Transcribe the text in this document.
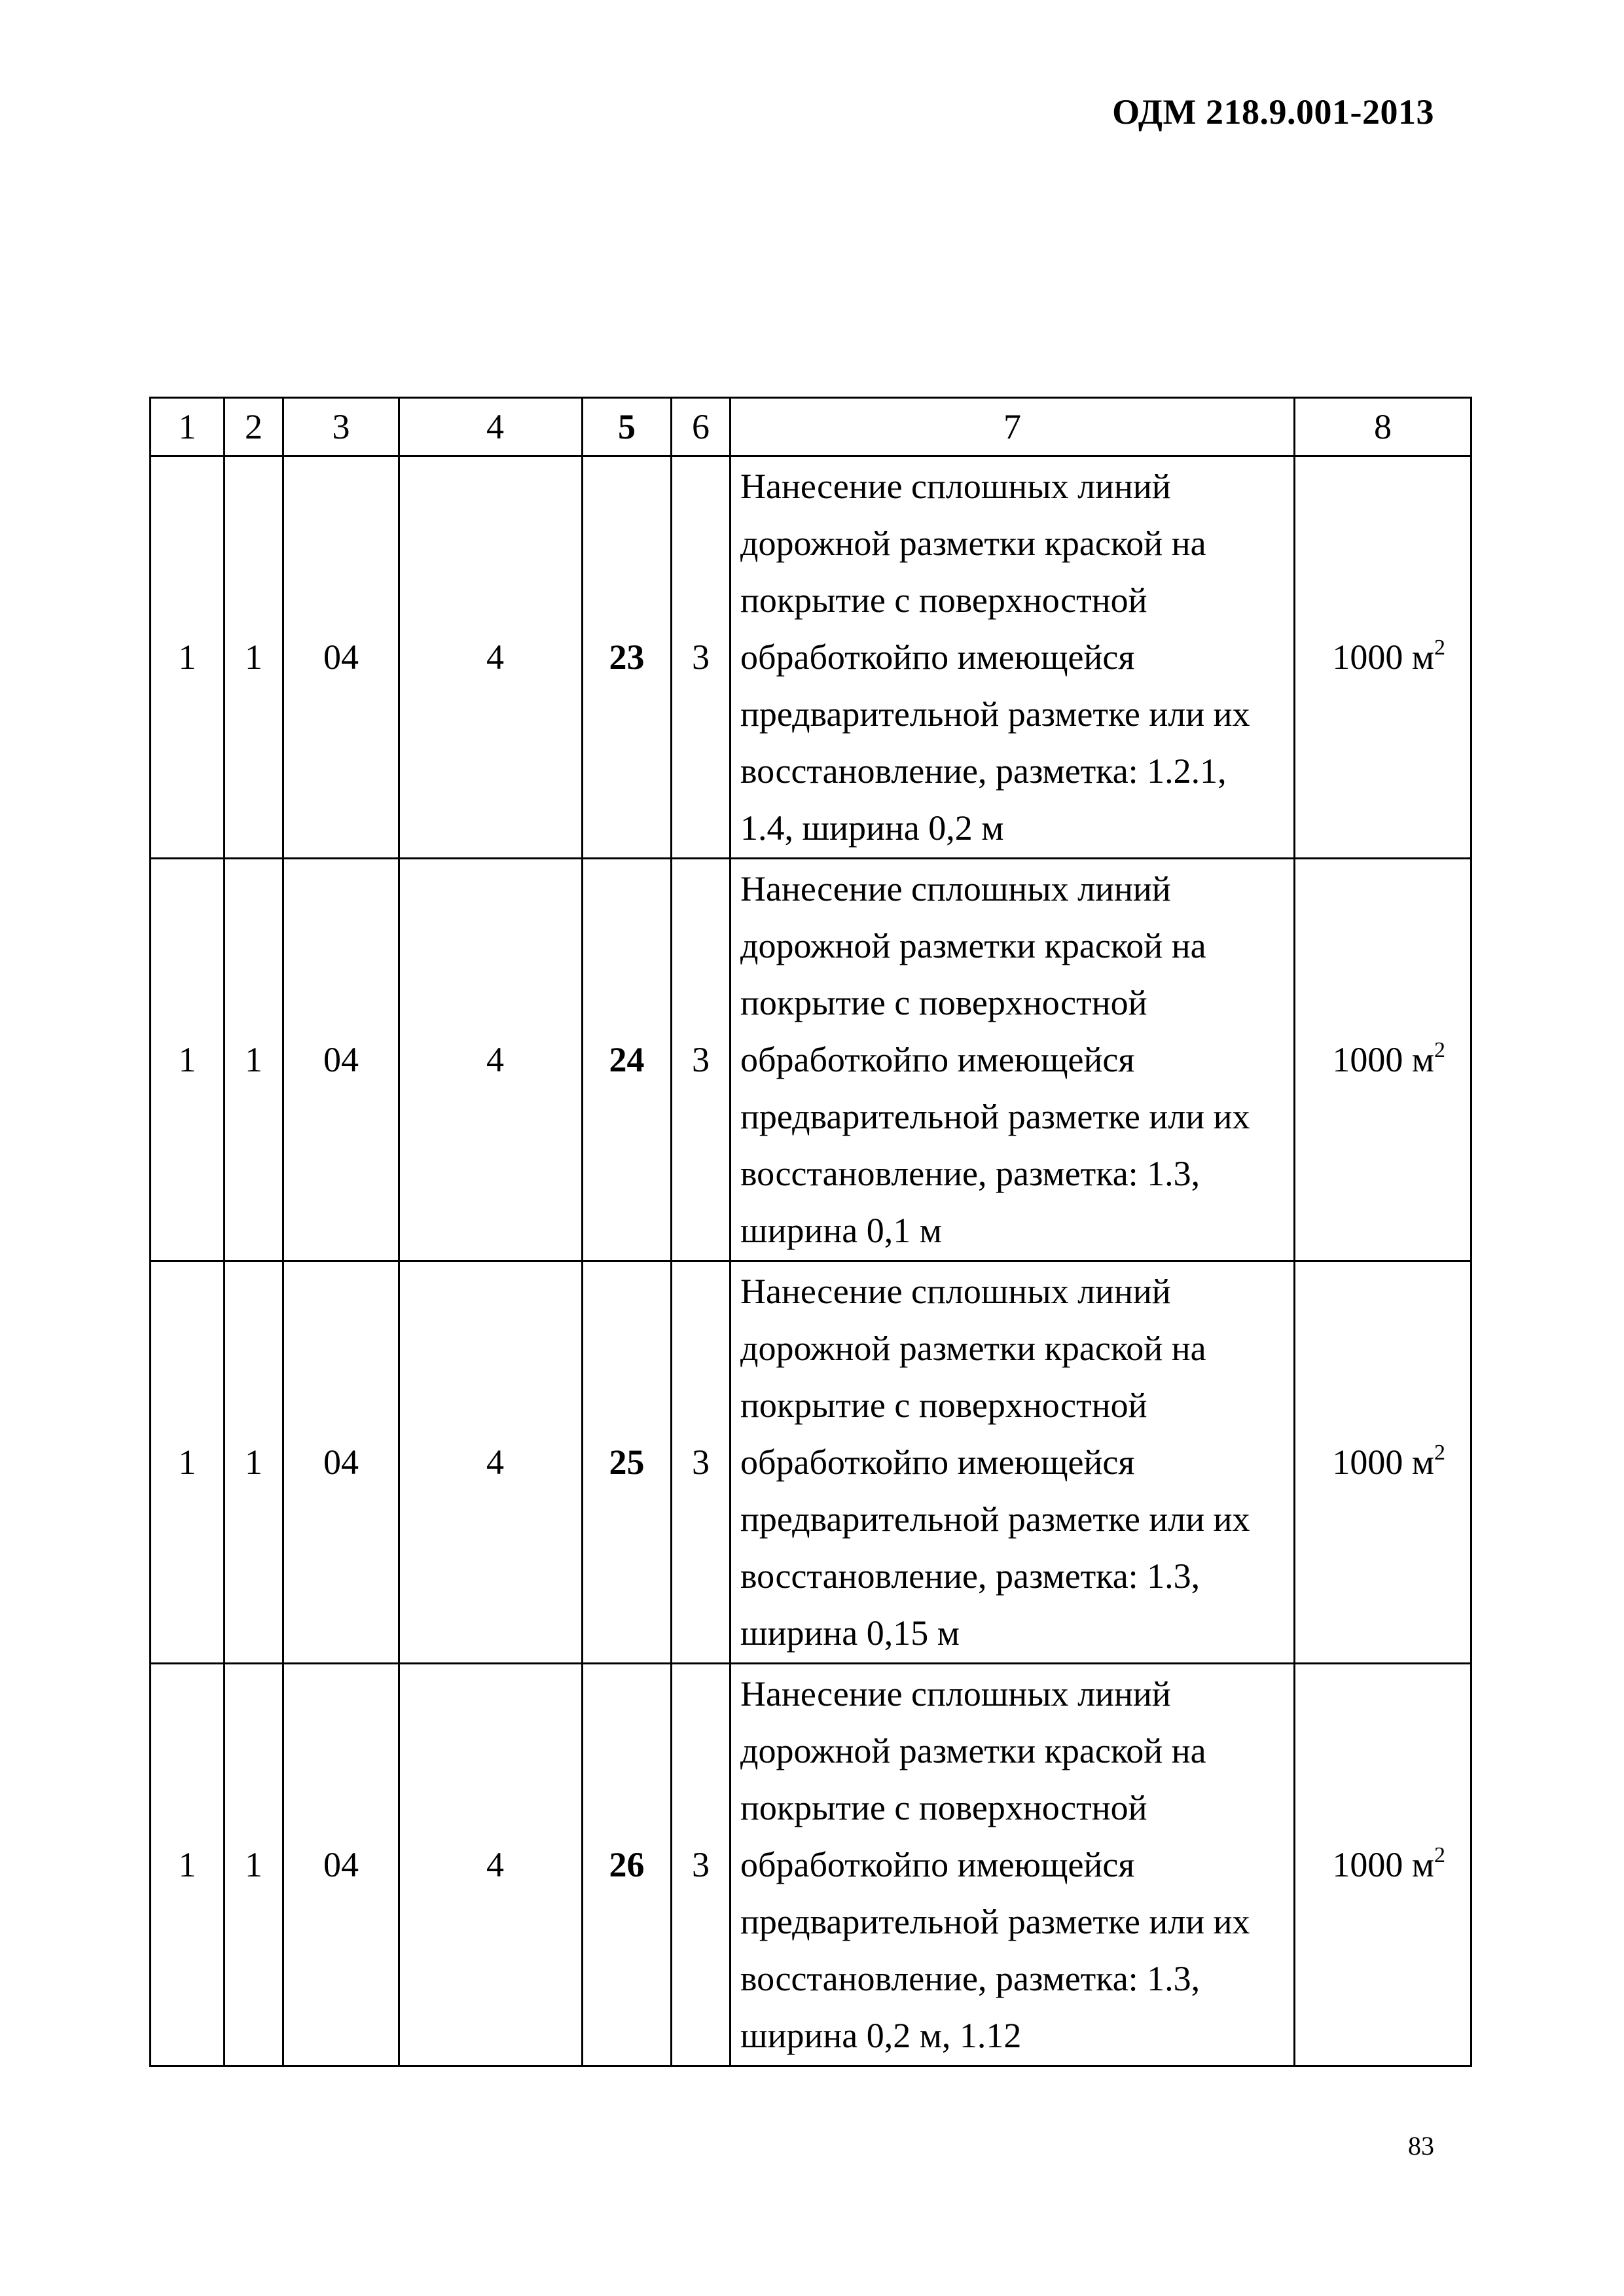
ОДМ 218.9.001-2013
1	2	3	4	5	6	7	8
1	1	04	4	23	3	Нанесение сплошных линий дорожной разметки краской на покрытие с поверхностной обработкойпо имеющейся предварительной разметке или их восстановление, разметка: 1.2.1, 1.4, ширина 0,2 м	1000 $м^2$
1	1	04	4	24	3	Нанесение сплошных линий дорожной разметки краской на покрытие с поверхностной обработкойпо имеющейся предварительной разметке или их восстановление, разметка: 1.3, ширина 0,1 м	1000 $м^2$
1	1	04	4	25	3	Нанесение сплошных линий дорожной разметки краской на покрытие с поверхностной обработкойпо имеющейся предварительной разметке или их восстановление, разметка: 1.3, ширина 0,15 м	1000 $м^2$
1	1	04	4	26	3	Нанесение сплошных линий дорожной разметки краской на покрытие с поверхностной обработкойпо имеющейся предварительной разметке или их восстановление, разметка: 1.3, ширина 0,2 м, 1.12	1000 $м^2$
83
